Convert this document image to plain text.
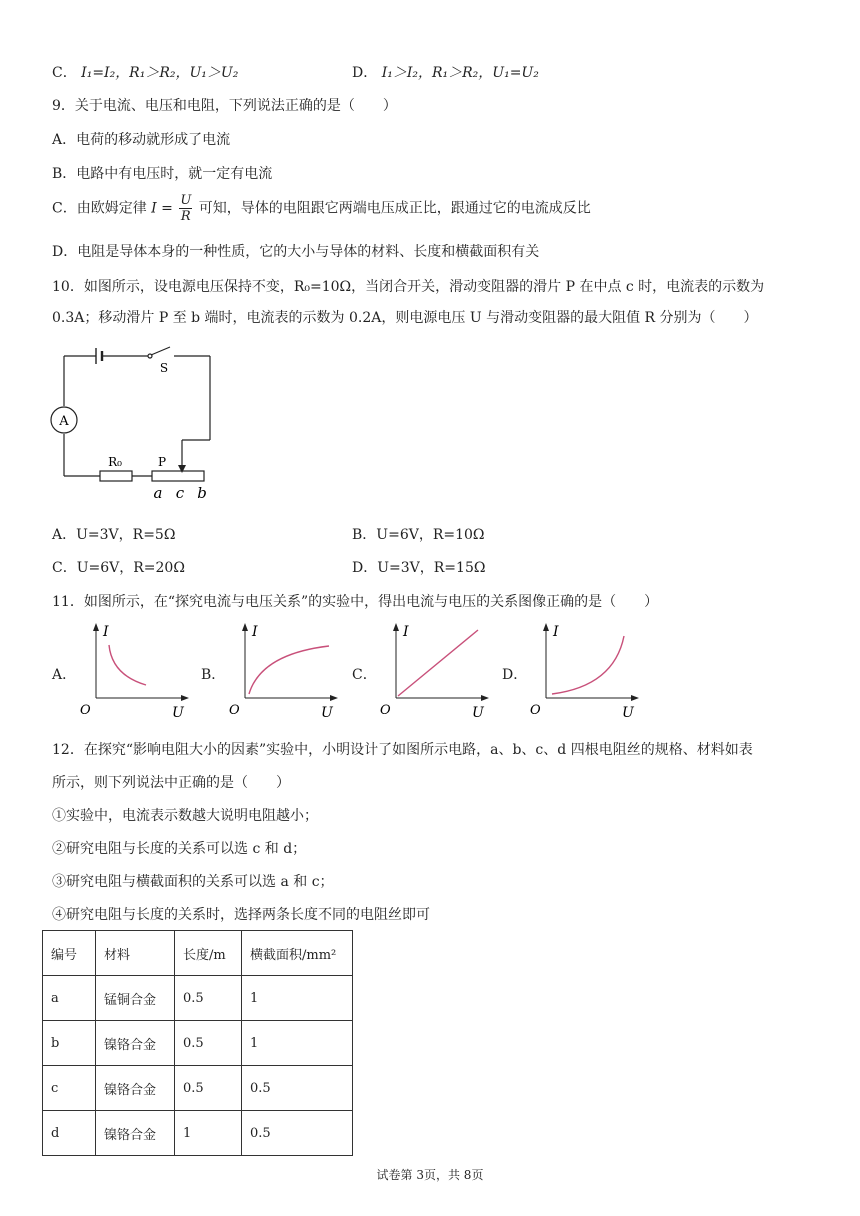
C． I₁=I₂，R₁＞R₂，U₁＞U₂	D． I₁＞I₂，R₁＞R₂，U₁=U₂
9．关于电流、电压和电阻，下列说法正确的是（　　）
A．电荷的移动就形成了电流
B．电路中有电压时，就一定有电流
C．由欧姆定律 $I = \frac{U}{R}$ 可知，导体的电阻跟它两端电压成正比，跟通过它的电流成反比
D．电阻是导体本身的一种性质，它的大小与导体的材料、长度和横截面积有关
10．如图所示，设电源电压保持不变，R₀=10Ω，当闭合开关，滑动变阻器的滑片 P 在中点 c 时，电流表的示数为
0.3A；移动滑片 P 至 b 端时，电流表的示数为 0.2A，则电源电压 U 与滑动变阻器的最大阻值 R 分别为（　　）
A
S
R₀	P
a c b
A．U=3V，R=5Ω	B．U=6V，R=10Ω
C．U=6V，R=20Ω	D．U=3V，R=15Ω
11．如图所示，在“探究电流与电压关系”的实验中，得出电流与电压的关系图像正确的是（　　）
A．
I
U
O
B．
I
U
O
C．
I
U
O
D．
I
U
O
12．在探究“影响电阻大小的因素”实验中，小明设计了如图所示电路，a、b、c、d 四根电阻丝的规格、材料如表
所示，则下列说法中正确的是（　　）
①实验中，电流表示数越大说明电阻越小；
②研究电阻与长度的关系可以选 c 和 d；
③研究电阻与横截面积的关系可以选 a 和 c；
④研究电阻与长度的关系时，选择两条长度不同的电阻丝即可
编号	材料	长度/m	横截面积/mm²
a	锰铜合金	0.5	1
b	镍铬合金	0.5	1
c	镍铬合金	0.5	0.5
d	镍铬合金	1	0.5
试卷第 3页，共 8页
